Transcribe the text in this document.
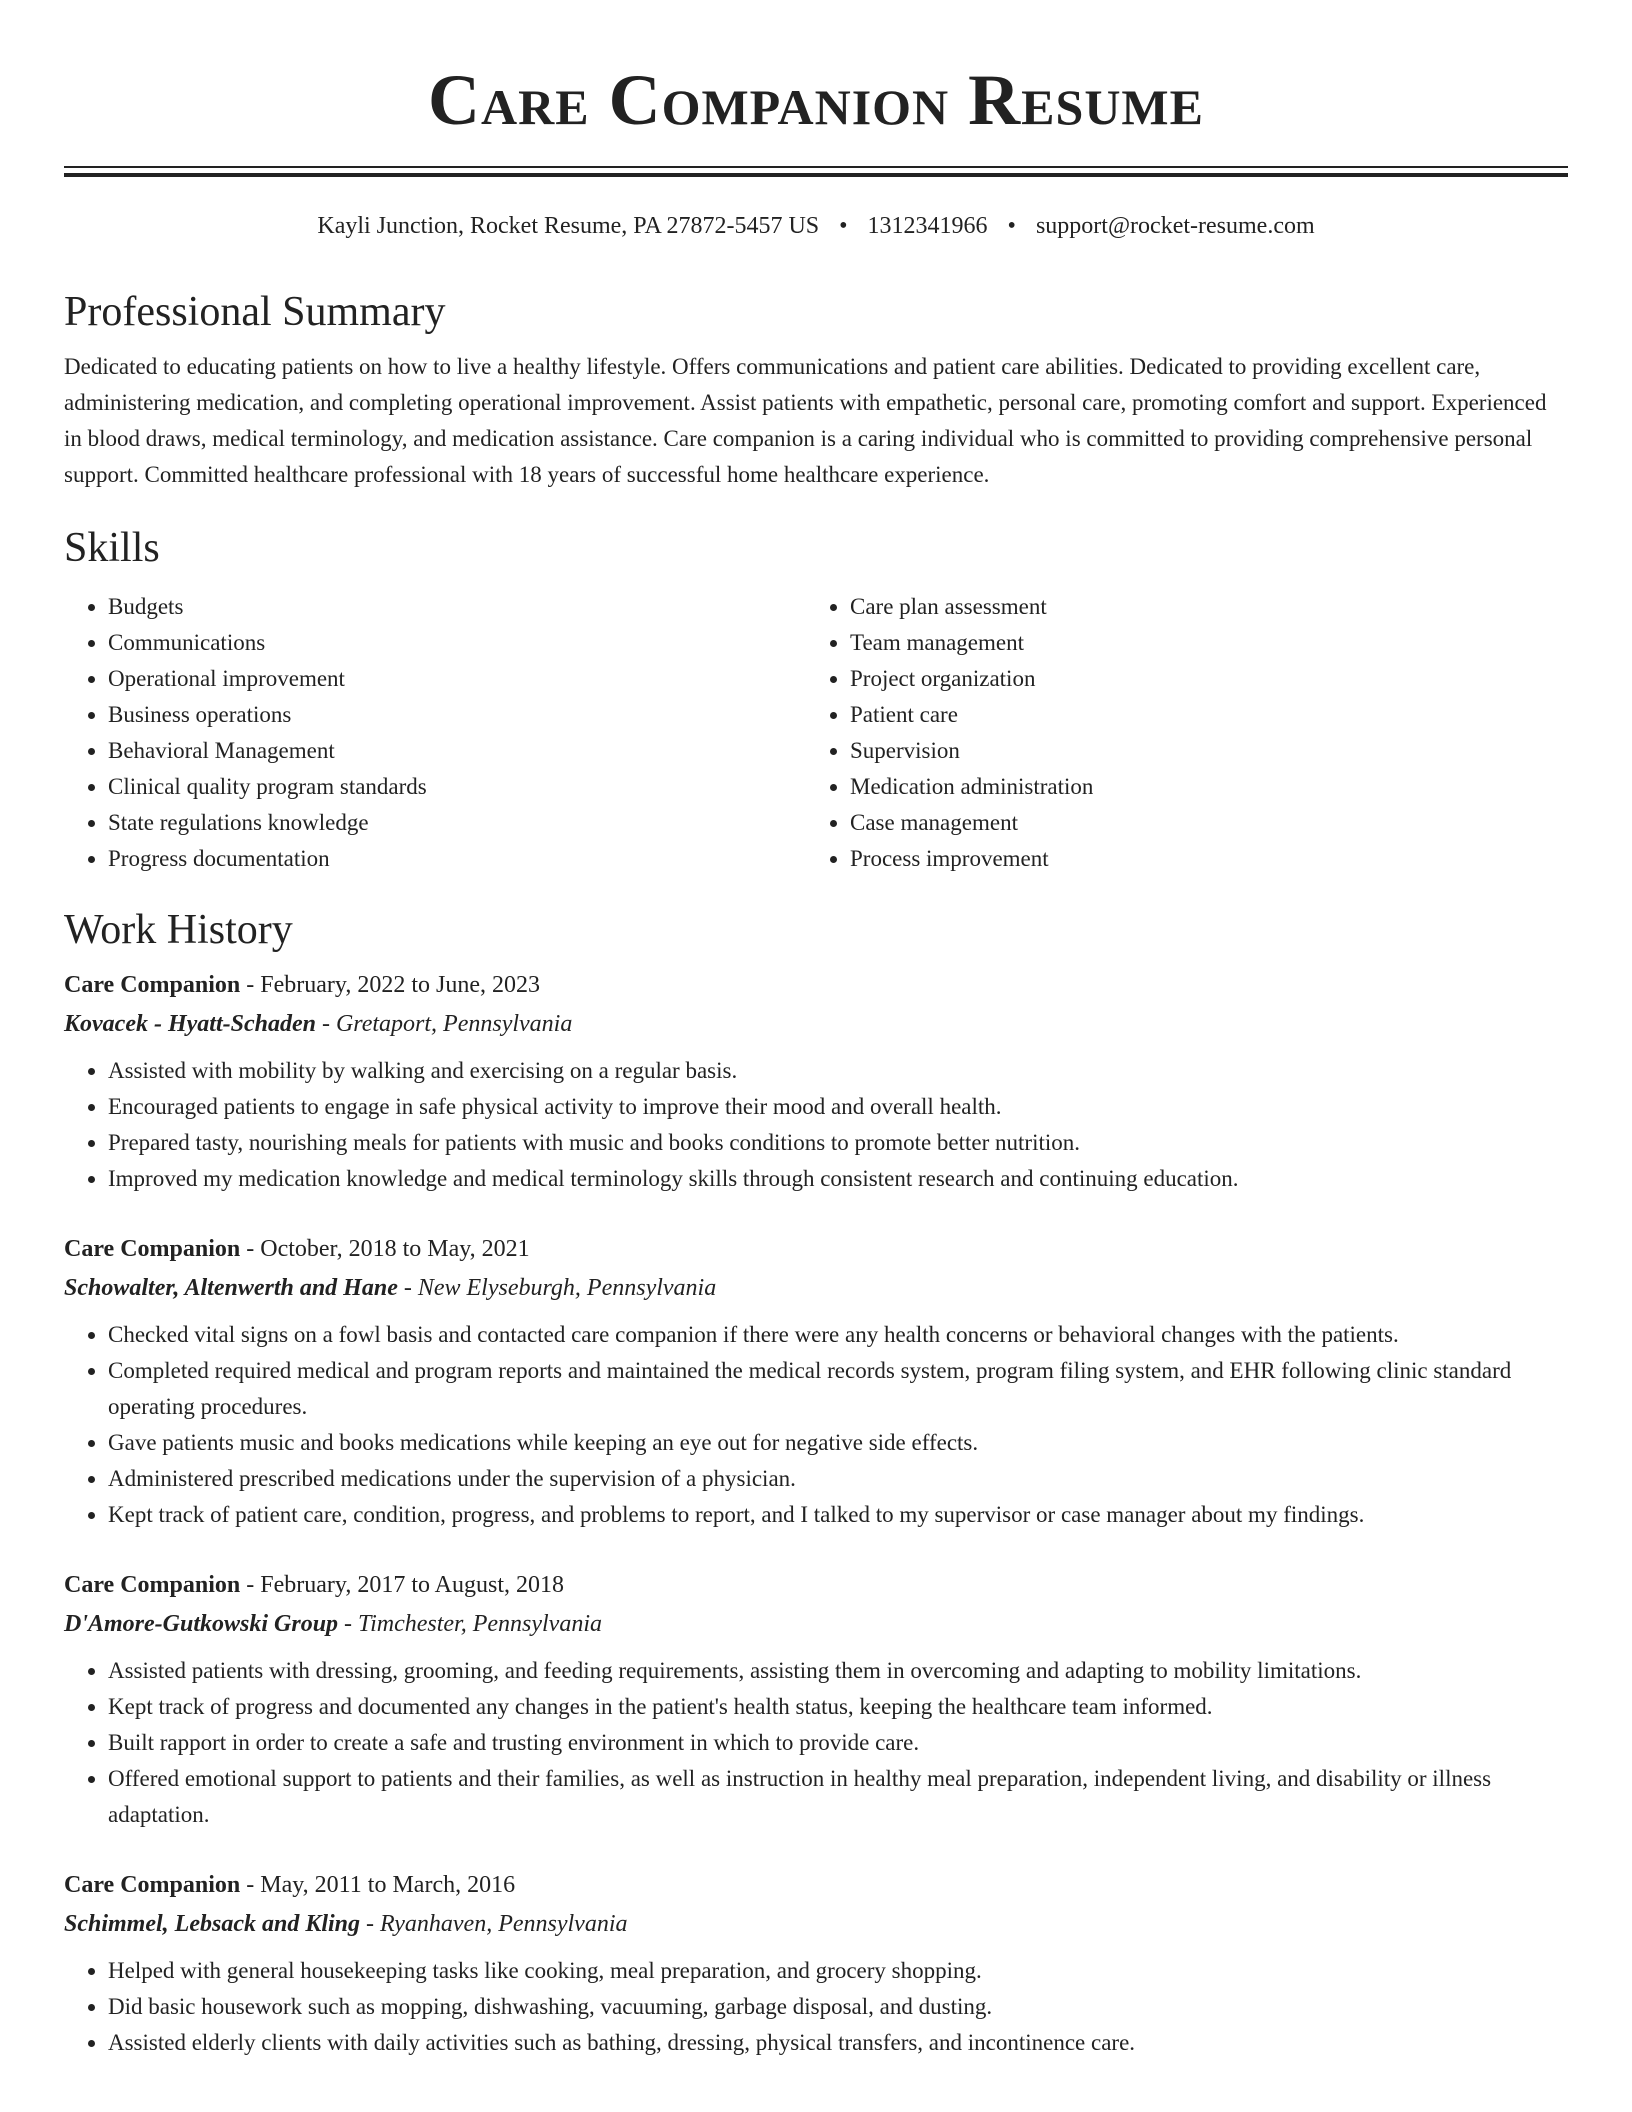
Care Companion Resume
Kayli Junction, Rocket Resume, PA 27872-5457 US • 1312341966 • support@rocket-resume.com
Professional Summary

Dedicated to educating patients on how to live a healthy lifestyle. Offers communications and patient care abilities. Dedicated to providing excellent care, administering medication, and completing operational improvement. Assist patients with empathetic, personal care, promoting comfort and support. Experienced in blood draws, medical terminology, and medication assistance. Care companion is a caring individual who is committed to providing comprehensive personal support. Committed healthcare professional with 18 years of successful home healthcare experience.

Skills
• Budgets
• Communications
• Operational improvement
• Business operations
• Behavioral Management
• Clinical quality program standards
• State regulations knowledge
• Progress documentation
• Care plan assessment
• Team management
• Project organization
• Patient care
• Supervision
• Medication administration
• Case management
• Process improvement
Work History
Care Companion - February, 2022 to June, 2023
Kovacek - Hyatt-Schaden - Gretaport, Pennsylvania
• Assisted with mobility by walking and exercising on a regular basis.
• Encouraged patients to engage in safe physical activity to improve their mood and overall health.
• Prepared tasty, nourishing meals for patients with music and books conditions to promote better nutrition.
• Improved my medication knowledge and medical terminology skills through consistent research and continuing education.
Care Companion - October, 2018 to May, 2021
Schowalter, Altenwerth and Hane - New Elyseburgh, Pennsylvania
• Checked vital signs on a fowl basis and contacted care companion if there were any health concerns or behavioral changes with the patients.
• Completed required medical and program reports and maintained the medical records system, program filing system, and EHR following clinic standard operating procedures.
• Gave patients music and books medications while keeping an eye out for negative side effects.
• Administered prescribed medications under the supervision of a physician.
• Kept track of patient care, condition, progress, and problems to report, and I talked to my supervisor or case manager about my findings.
Care Companion - February, 2017 to August, 2018
D'Amore-Gutkowski Group - Timchester, Pennsylvania
• Assisted patients with dressing, grooming, and feeding requirements, assisting them in overcoming and adapting to mobility limitations.
• Kept track of progress and documented any changes in the patient's health status, keeping the healthcare team informed.
• Built rapport in order to create a safe and trusting environment in which to provide care.
• Offered emotional support to patients and their families, as well as instruction in healthy meal preparation, independent living, and disability or illness adaptation.
Care Companion - May, 2011 to March, 2016
Schimmel, Lebsack and Kling - Ryanhaven, Pennsylvania
• Helped with general housekeeping tasks like cooking, meal preparation, and grocery shopping.
• Did basic housework such as mopping, dishwashing, vacuuming, garbage disposal, and dusting.
• Assisted elderly clients with daily activities such as bathing, dressing, physical transfers, and incontinence care.
